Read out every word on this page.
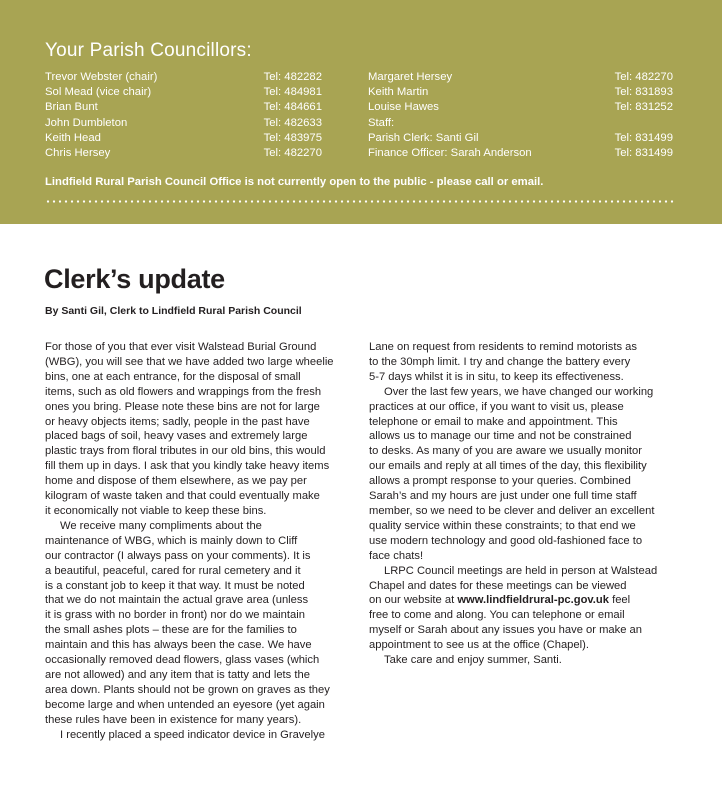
Your Parish Councillors:
Trevor Webster (chair)	Tel: 482282
Sol Mead (vice chair)	Tel: 484981
Brian Bunt	Tel: 484661
John Dumbleton	Tel: 482633
Keith Head	Tel: 483975
Chris Hersey	Tel: 482270
Margaret Hersey	Tel: 482270
Keith Martin	Tel: 831893
Louise Hawes	Tel: 831252
Staff:
Parish Clerk: Santi Gil	Tel: 831499
Finance Officer: Sarah Anderson	Tel: 831499
Lindfield Rural Parish Council Office is not currently open to the public - please call or email.
Clerk’s update
By Santi Gil, Clerk to Lindfield Rural Parish Council

For those of you that ever visit Walstead Burial Ground

(WBG), you will see that we have added two large wheelie

bins, one at each entrance, for the disposal of small

items, such as old flowers and wrappings from the fresh

ones you bring. Please note these bins are not for large

or heavy objects items; sadly, people in the past have

placed bags of soil, heavy vases and extremely large

plastic trays from floral tributes in our old bins, this would

fill them up in days. I ask that you kindly take heavy items

home and dispose of them elsewhere, as we pay per

kilogram of waste taken and that could eventually make

it economically not viable to keep these bins.

We receive many compliments about the

maintenance of WBG, which is mainly down to Cliff

our contractor (I always pass on your comments). It is

a beautiful, peaceful, cared for rural cemetery and it

is a constant job to keep it that way. It must be noted

that we do not maintain the actual grave area (unless

it is grass with no border in front) nor do we maintain

the small ashes plots – these are for the families to

maintain and this has always been the case. We have

occasionally removed dead flowers, glass vases (which

are not allowed) and any item that is tatty and lets the

area down. Plants should not be grown on graves as they

become large and when untended an eyesore (yet again

these rules have been in existence for many years).

I recently placed a speed indicator device in Gravelye

Lane on request from residents to remind motorists as

to the 30mph limit. I try and change the battery every

5-7 days whilst it is in situ, to keep its effectiveness.

Over the last few years, we have changed our working

practices at our office, if you want to visit us, please

telephone or email to make and appointment. This

allows us to manage our time and not be constrained

to desks. As many of you are aware we usually monitor

our emails and reply at all times of the day, this flexibility

allows a prompt response to your queries. Combined

Sarah’s and my hours are just under one full time staff

member, so we need to be clever and deliver an excellent

quality service within these constraints; to that end we

use modern technology and good old-fashioned face to

face chats!

LRPC Council meetings are held in person at Walstead

Chapel and dates for these meetings can be viewed

on our website at www.lindfieldrural-pc.gov.uk feel

free to come and along. You can telephone or email

myself or Sarah about any issues you have or make an

appointment to see us at the office (Chapel).

Take care and enjoy summer, Santi.
